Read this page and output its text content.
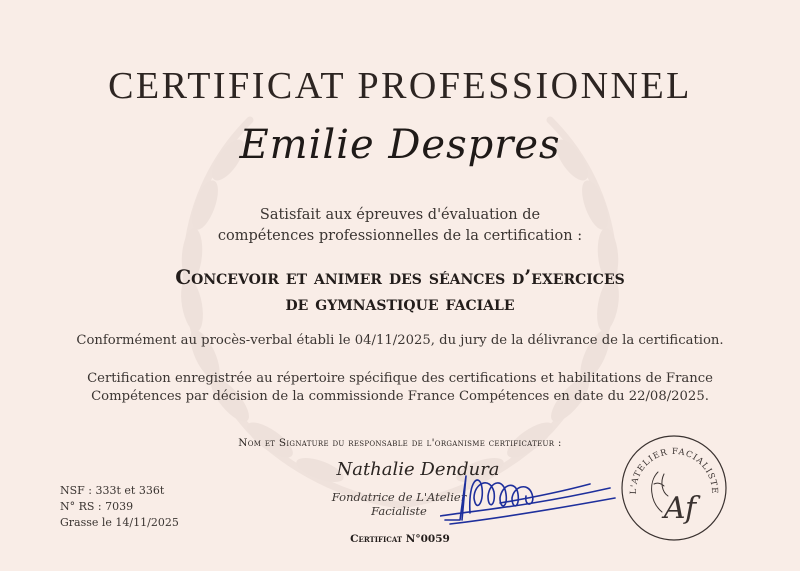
CERTIFICAT PROFESSIONNEL
Emilie Despres
Satisfait aux épreuves d'évaluation de
compétences professionnelles de la certification :
Concevoir et animer des séances d’exercices
de gymnastique faciale
Conformément au procès-verbal établi le 04/11/2025, du jury de la délivrance de la certification.
Certification enregistrée au répertoire spécifique des certifications et habilitations de France
Compétences par décision de la commissionde France Compétences en date du 22/08/2025.
Nom et Signature du responsable de l'organisme certificateur :
Nathalie Dendura
Fondatrice de L'Atelier Facialiste
Certificat N°0059
NSF : 333t et 336t
N° RS : 7039
Grasse le 14/11/2025
L'ATELIER FACIALISTE
Af
